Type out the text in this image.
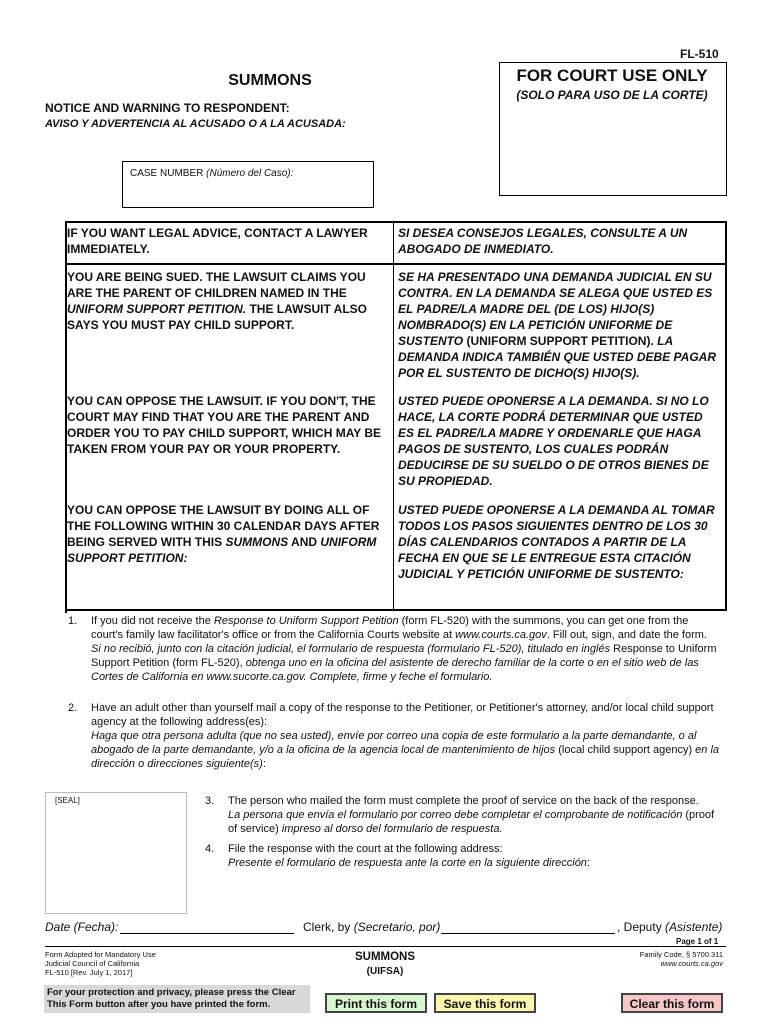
FL-510
FOR COURT USE ONLY
(SOLO PARA USO DE LA CORTE)
SUMMONS
NOTICE AND WARNING TO RESPONDENT:
AVISO Y ADVERTENCIA AL ACUSADO O A LA ACUSADA:
CASE NUMBER (Número del Caso):
IF YOU WANT LEGAL ADVICE, CONTACT A LAWYER IMMEDIATELY.
SI DESEA CONSEJOS LEGALES, CONSULTE A UN ABOGADO DE INMEDIATO.
YOU ARE BEING SUED. THE LAWSUIT CLAIMS YOU ARE THE PARENT OF CHILDREN NAMED IN THE UNIFORM SUPPORT PETITION. THE LAWSUIT ALSO SAYS YOU MUST PAY CHILD SUPPORT.
SE HA PRESENTADO UNA DEMANDA JUDICIAL EN SU CONTRA. EN LA DEMANDA SE ALEGA QUE USTED ES EL PADRE/LA MADRE DEL (DE LOS) HIJO(S) NOMBRADO(S) EN LA PETICIÓN UNIFORME DE SUSTENTO (UNIFORM SUPPORT PETITION). LA DEMANDA INDICA TAMBIÉN QUE USTED DEBE PAGAR POR EL SUSTENTO DE DICHO(S) HIJO(S).
YOU CAN OPPOSE THE LAWSUIT. IF YOU DON'T, THE COURT MAY FIND THAT YOU ARE THE PARENT AND ORDER YOU TO PAY CHILD SUPPORT, WHICH MAY BE TAKEN FROM YOUR PAY OR YOUR PROPERTY.
USTED PUEDE OPONERSE A LA DEMANDA. SI NO LO HACE, LA CORTE PODRÁ DETERMINAR QUE USTED ES EL PADRE/LA MADRE Y ORDENARLE QUE HAGA PAGOS DE SUSTENTO, LOS CUALES PODRÁN DEDUCIRSE DE SU SUELDO O DE OTROS BIENES DE SU PROPIEDAD.
YOU CAN OPPOSE THE LAWSUIT BY DOING ALL OF THE FOLLOWING WITHIN 30 CALENDAR DAYS AFTER BEING SERVED WITH THIS SUMMONS AND UNIFORM SUPPORT PETITION:
USTED PUEDE OPONERSE A LA DEMANDA AL TOMAR TODOS LOS PASOS SIGUIENTES DENTRO DE LOS 30 DÍAS CALENDARIOS CONTADOS A PARTIR DE LA FECHA EN QUE SE LE ENTREGUE ESTA CITACIÓN JUDICIAL Y PETICIÓN UNIFORME DE SUSTENTO:
1. If you did not receive the Response to Uniform Support Petition (form FL-520) with the summons, you can get one from the court's family law facilitator's office or from the California Courts website at www.courts.ca.gov. Fill out, sign, and date the form.
Si no recibió, junto con la citación judicial, el formulario de respuesta (formulario FL-520), titulado en inglés Response to Uniform Support Petition (form FL-520), obtenga uno en la oficina del asistente de derecho familiar de la corte o en el sitio web de las Cortes de California en www.sucorte.ca.gov. Complete, firme y feche el formulario.
2. Have an adult other than yourself mail a copy of the response to the Petitioner, or Petitioner's attorney, and/or local child support agency at the following address(es):
Haga que otra persona adulta (que no sea usted), envíe por correo una copia de este formulario a la parte demandante, o al abogado de la parte demandante, y/o a la oficina de la agencia local de mantenimiento de hijos (local child support agency) en la dirección o direcciones siguiente(s):
[SEAL]	3. The person who mailed the form must complete the proof of service on the back of the response.
La persona que envía el formulario por correo debe completar el comprobante de notificación (proof of service) impreso al dorso del formulario de respuesta.
4. File the response with the court at the following address:
Presente el formulario de respuesta ante la corte en la siguiente dirección:
Date (Fecha):	Clerk, by (Secretario, por)	, Deputy (Asistente)
Page 1 of 1
Form Adopted for Mandatory Use
Judicial Council of California
FL-510 [Rev. July 1, 2017]
SUMMONS
(UIFSA)
Family Code, § 5700.311
www.courts.ca.gov
For your protection and privacy, please press the Clear This Form button after you have printed the form.	Print this form	Save this form	Clear this form
